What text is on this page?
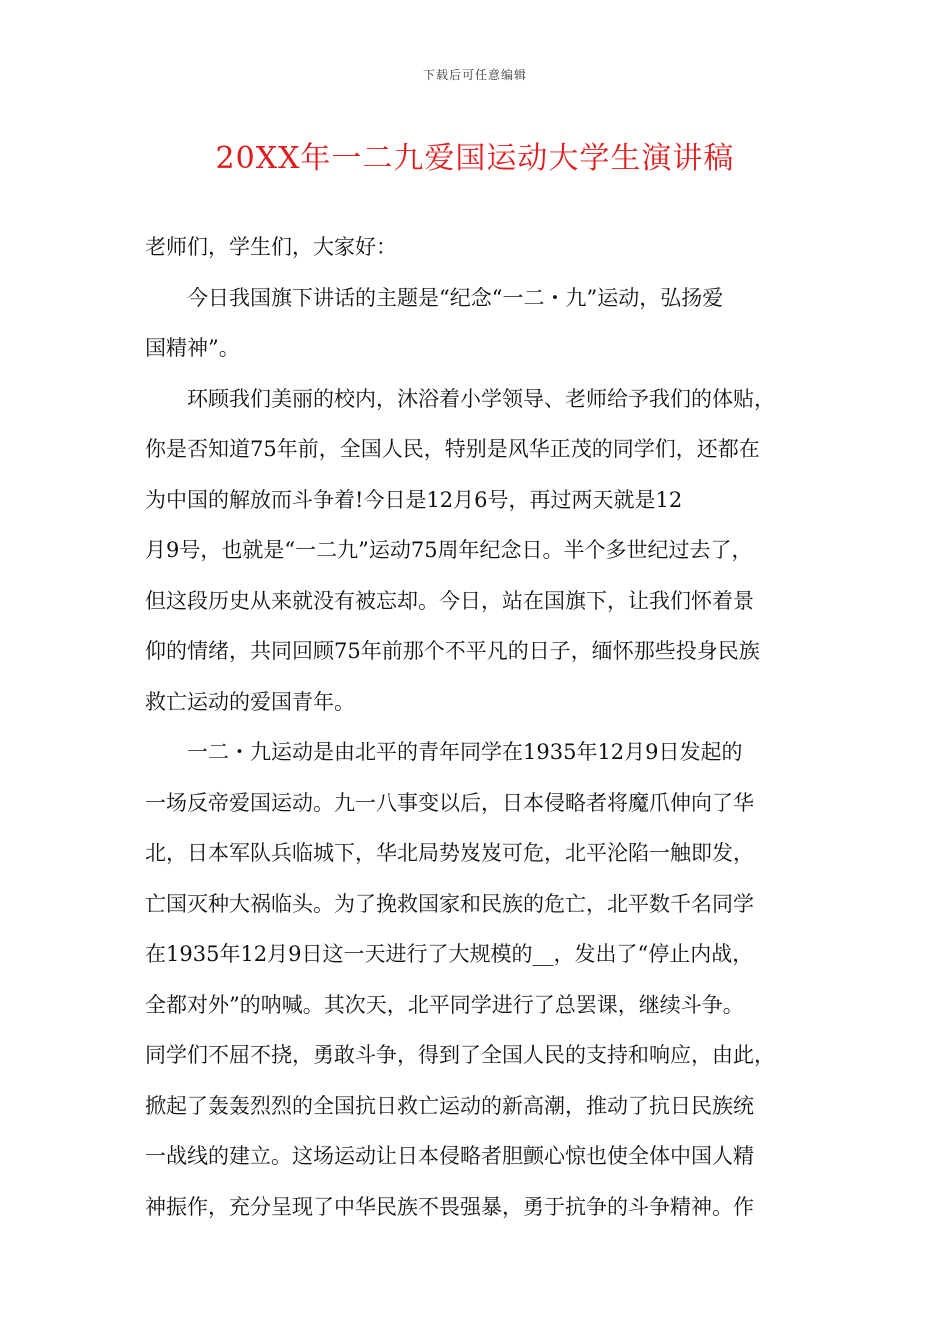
下载后可任意编辑
20XX年一二九爱国运动大学生演讲稿
老师们，学生们，大家好：
今日我国旗下讲话的主题是“纪念“一二・九”运动，弘扬爱
国精神”。
环顾我们美丽的校内，沐浴着小学领导、老师给予我们的体贴，
你是否知道75年前，全国人民，特别是风华正茂的同学们，还都在
为中国的解放而斗争着!今日是12月6号，再过两天就是12
月9号，也就是“一二九”运动75周年纪念日。半个多世纪过去了，
但这段历史从来就没有被忘却。今日，站在国旗下，让我们怀着景
仰的情绪，共同回顾75年前那个不平凡的日子，缅怀那些投身民族
救亡运动的爱国青年。
一二・九运动是由北平的青年同学在1935年12月9日发起的
一场反帝爱国运动。九一八事变以后，日本侵略者将魔爪伸向了华
北，日本军队兵临城下，华北局势岌岌可危，北平沦陷一触即发，
亡国灭种大祸临头。为了挽救国家和民族的危亡，北平数千名同学
在1935年12月9日这一天进行了大规模的__，发出了“停止内战，
全都对外”的呐喊。其次天，北平同学进行了总罢课，继续斗争。
同学们不屈不挠，勇敢斗争，得到了全国人民的支持和响应，由此，
掀起了轰轰烈烈的全国抗日救亡运动的新高潮，推动了抗日民族统
一战线的建立。这场运动让日本侵略者胆颤心惊也使全体中国人精
神振作，充分呈现了中华民族不畏强暴，勇于抗争的斗争精神。作
